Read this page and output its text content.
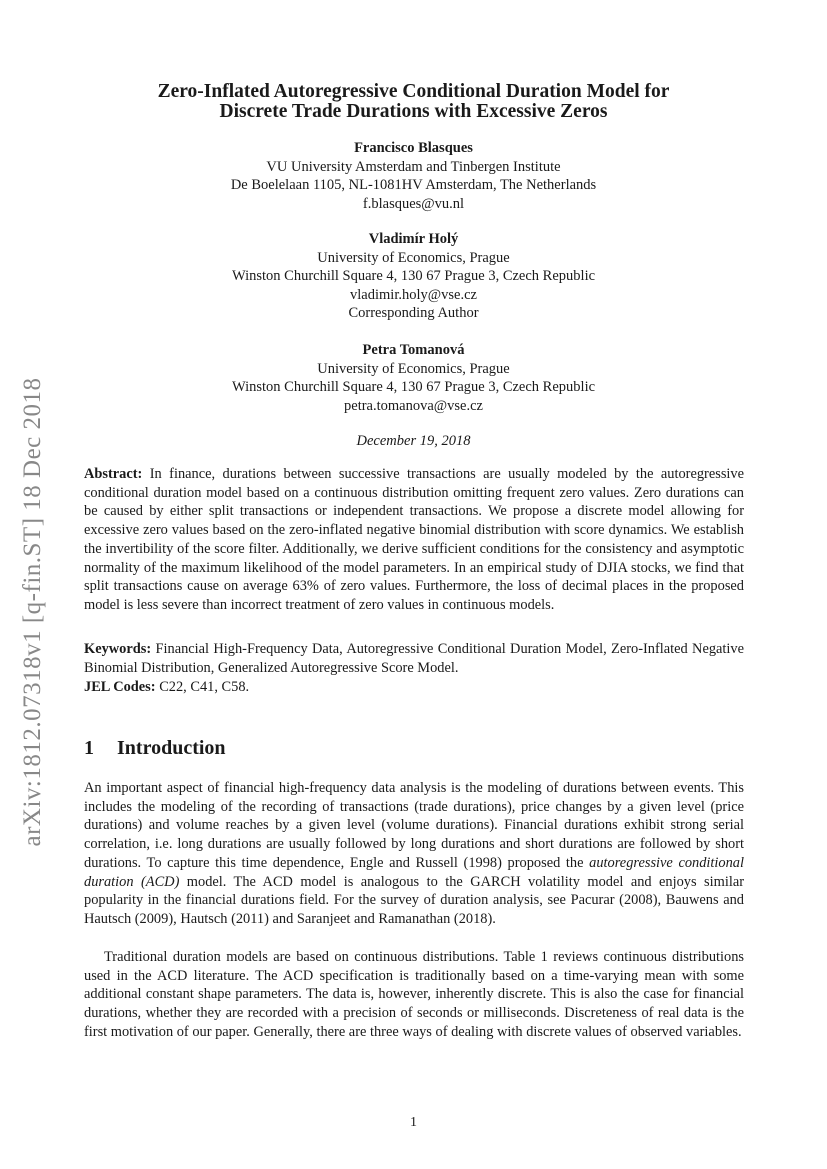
arXiv:1812.07318v1 [q-fin.ST] 18 Dec 2018
Zero-Inflated Autoregressive Conditional Duration Model for
Discrete Trade Durations with Excessive Zeros
Francisco Blasques
VU University Amsterdam and Tinbergen Institute
De Boelelaan 1105, NL-1081HV Amsterdam, The Netherlands
f.blasques@vu.nl
Vladimír Holý
University of Economics, Prague
Winston Churchill Square 4, 130 67 Prague 3, Czech Republic
vladimir.holy@vse.cz
Corresponding Author
Petra Tomanová
University of Economics, Prague
Winston Churchill Square 4, 130 67 Prague 3, Czech Republic
petra.tomanova@vse.cz
December 19, 2018
Abstract: In finance, durations between successive transactions are usually modeled by the autoregressive conditional duration model based on a continuous distribution omitting frequent zero values. Zero durations can be caused by either split transactions or independent transactions. We propose a discrete model allowing for excessive zero values based on the zero-inflated negative binomial distribution with score dynamics. We establish the invertibility of the score filter. Additionally, we derive sufficient conditions for the consistency and asymptotic normality of the maximum likelihood of the model parameters. In an empirical study of DJIA stocks, we find that split transactions cause on average 63% of zero values. Furthermore, the loss of decimal places in the proposed model is less severe than incorrect treatment of zero values in continuous models.
Keywords: Financial High-Frequency Data, Autoregressive Conditional Duration Model, Zero-Inflated Negative Binomial Distribution, Generalized Autoregressive Score Model.
JEL Codes: C22, C41, C58.
1 Introduction
An important aspect of financial high-frequency data analysis is the modeling of durations between events. This includes the modeling of the recording of transactions (trade durations), price changes by a given level (price durations) and volume reaches by a given level (volume durations). Financial durations exhibit strong serial correlation, i.e. long durations are usually followed by long durations and short durations are followed by short durations. To capture this time dependence, Engle and Russell (1998) proposed the autoregressive conditional duration (ACD) model. The ACD model is analogous to the GARCH volatility model and enjoys similar popularity in the financial durations field. For the survey of duration analysis, see Pacurar (2008), Bauwens and Hautsch (2009), Hautsch (2011) and Saranjeet and Ramanathan (2018).
Traditional duration models are based on continuous distributions. Table 1 reviews continuous distributions used in the ACD literature. The ACD specification is traditionally based on a time-varying mean with some additional constant shape parameters. The data is, however, inherently discrete. This is also the case for financial durations, whether they are recorded with a precision of seconds or milliseconds. Discreteness of real data is the first motivation of our paper. Generally, there are three ways of dealing with discrete values of observed variables.
1
